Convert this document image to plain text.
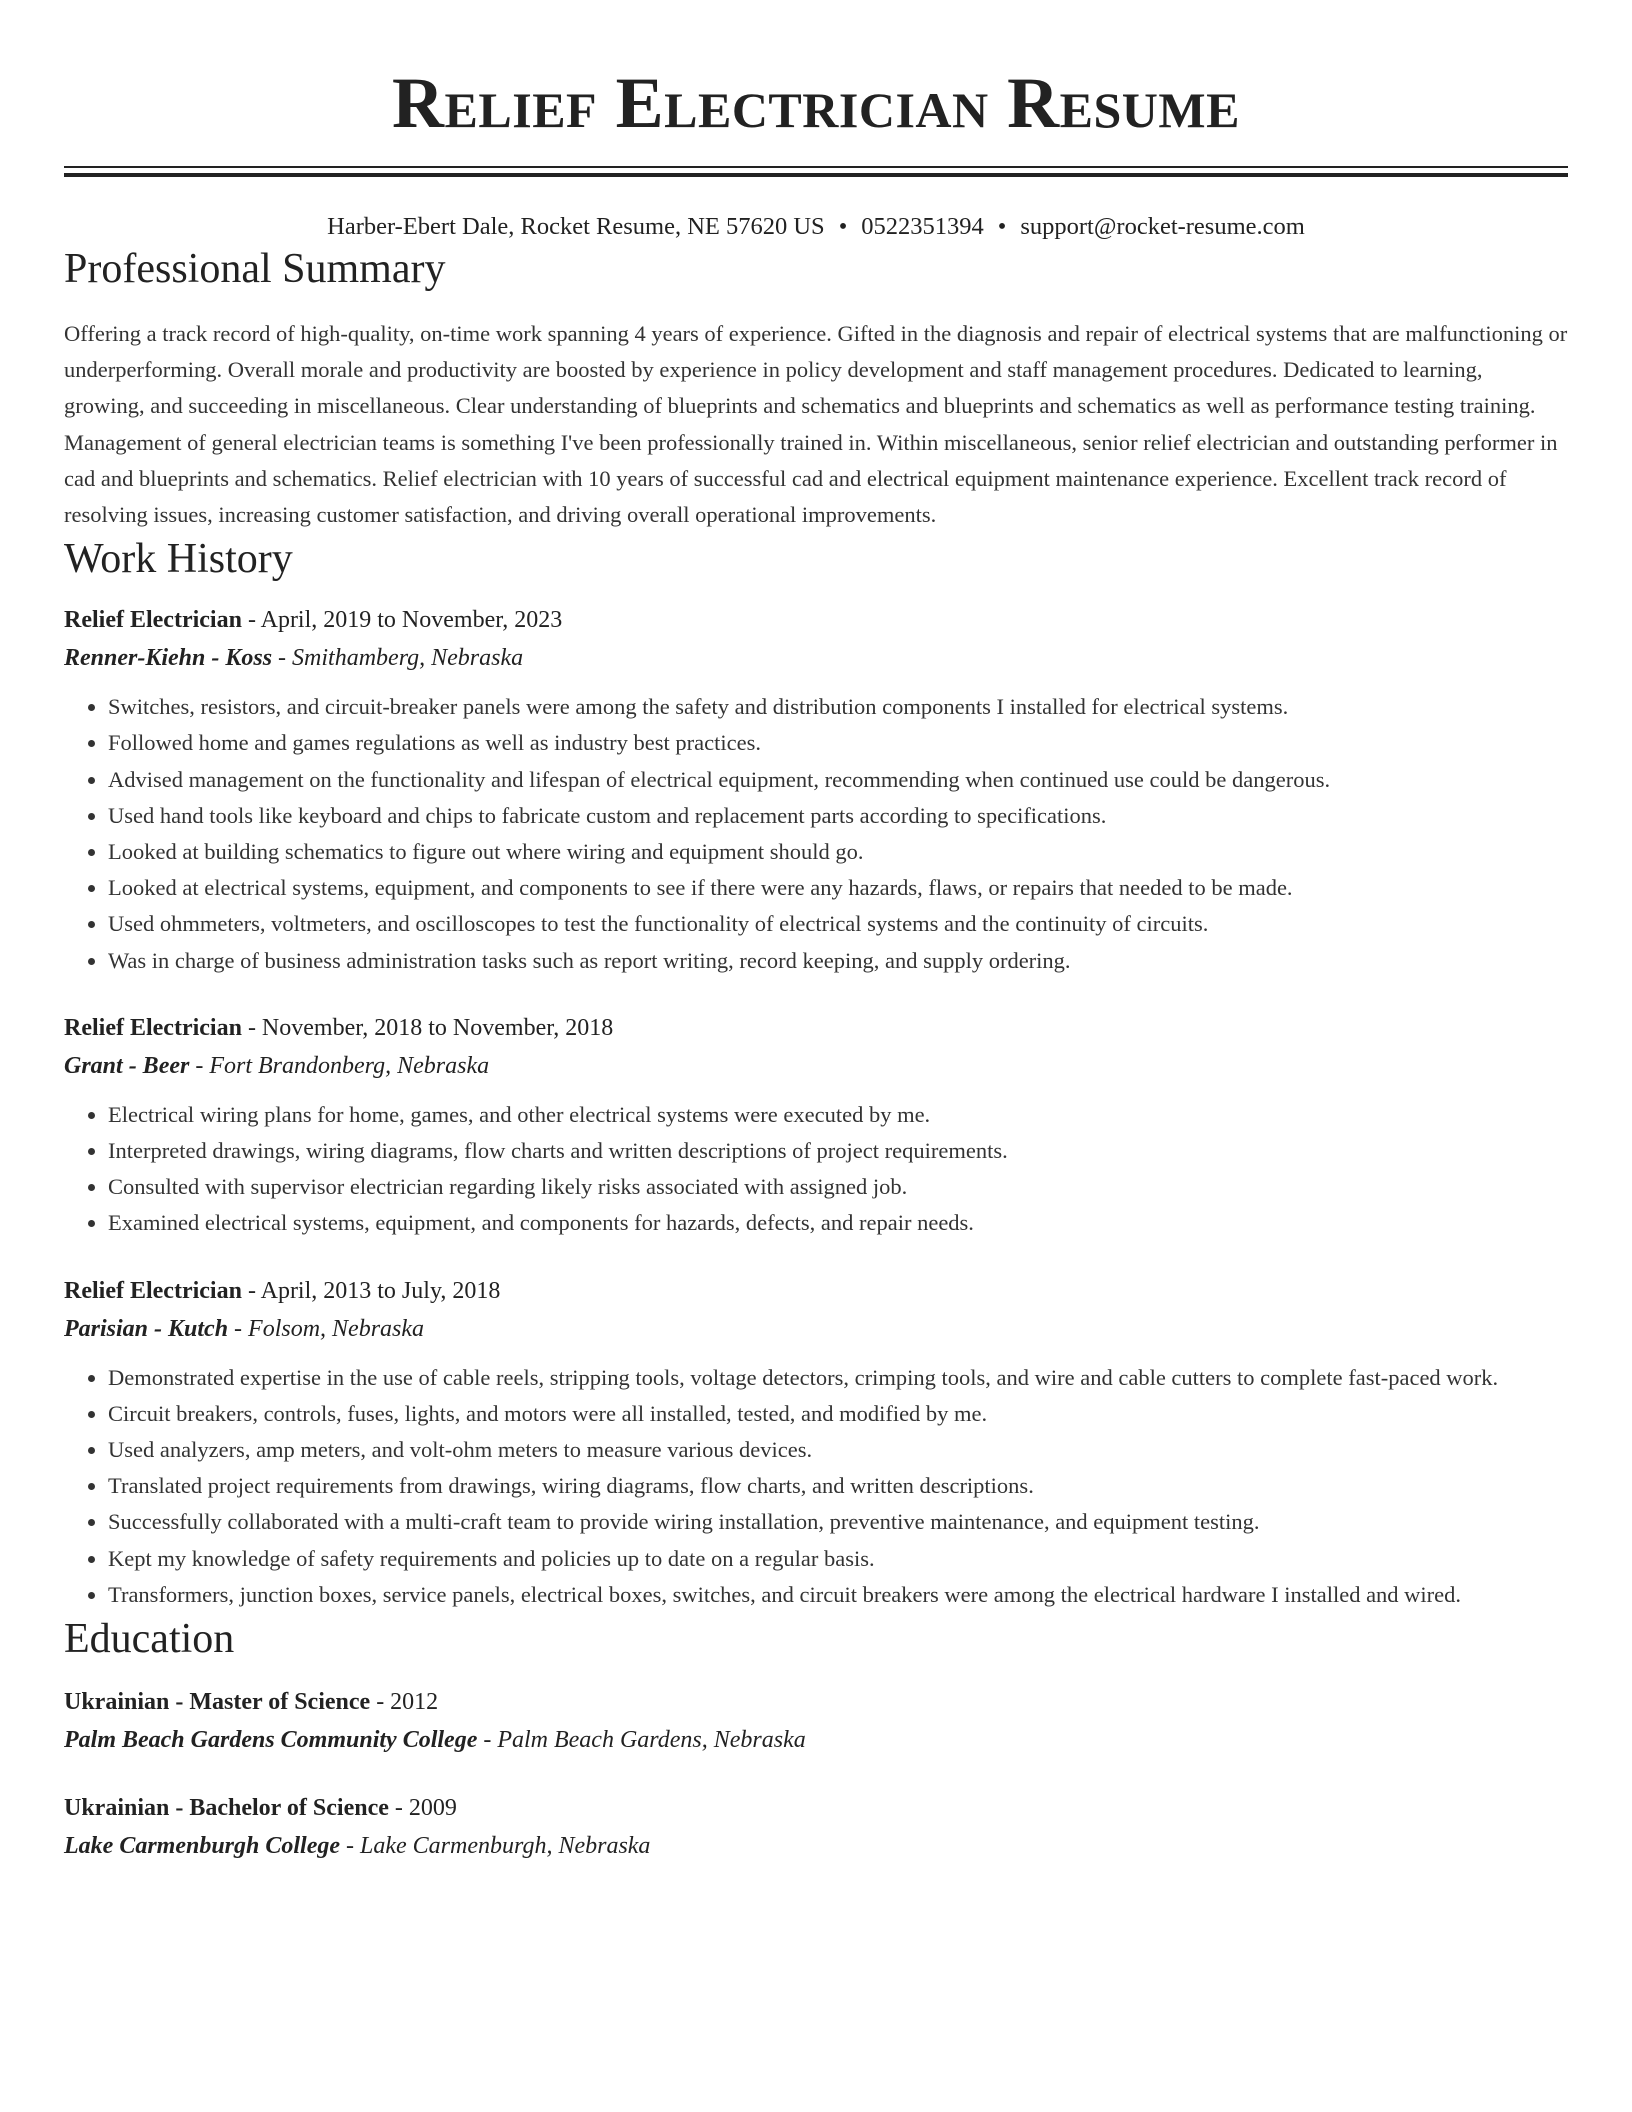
Relief Electrician Resume
Harber-Ebert Dale, Rocket Resume, NE 57620 US • 0522351394 • support@rocket-resume.com
Professional Summary

Offering a track record of high-quality, on-time work spanning 4 years of experience. Gifted in the diagnosis and repair of electrical systems that are malfunctioning or underperforming. Overall morale and productivity are boosted by experience in policy development and staff management procedures. Dedicated to learning, growing, and succeeding in miscellaneous. Clear understanding of blueprints and schematics and blueprints and schematics as well as performance testing training. Management of general electrician teams is something I've been professionally trained in. Within miscellaneous, senior relief electrician and outstanding performer in cad and blueprints and schematics. Relief electrician with 10 years of successful cad and electrical equipment maintenance experience. Excellent track record of resolving issues, increasing customer satisfaction, and driving overall operational improvements.

Work History
Relief Electrician - April, 2019 to November, 2023
Renner-Kiehn - Koss - Smithamberg, Nebraska
• Switches, resistors, and circuit-breaker panels were among the safety and distribution components I installed for electrical systems.
• Followed home and games regulations as well as industry best practices.
• Advised management on the functionality and lifespan of electrical equipment, recommending when continued use could be dangerous.
• Used hand tools like keyboard and chips to fabricate custom and replacement parts according to specifications.
• Looked at building schematics to figure out where wiring and equipment should go.
• Looked at electrical systems, equipment, and components to see if there were any hazards, flaws, or repairs that needed to be made.
• Used ohmmeters, voltmeters, and oscilloscopes to test the functionality of electrical systems and the continuity of circuits.
• Was in charge of business administration tasks such as report writing, record keeping, and supply ordering.
Relief Electrician - November, 2018 to November, 2018
Grant - Beer - Fort Brandonberg, Nebraska
• Electrical wiring plans for home, games, and other electrical systems were executed by me.
• Interpreted drawings, wiring diagrams, flow charts and written descriptions of project requirements.
• Consulted with supervisor electrician regarding likely risks associated with assigned job.
• Examined electrical systems, equipment, and components for hazards, defects, and repair needs.
Relief Electrician - April, 2013 to July, 2018
Parisian - Kutch - Folsom, Nebraska
• Demonstrated expertise in the use of cable reels, stripping tools, voltage detectors, crimping tools, and wire and cable cutters to complete fast-paced work.
• Circuit breakers, controls, fuses, lights, and motors were all installed, tested, and modified by me.
• Used analyzers, amp meters, and volt-ohm meters to measure various devices.
• Translated project requirements from drawings, wiring diagrams, flow charts, and written descriptions.
• Successfully collaborated with a multi-craft team to provide wiring installation, preventive maintenance, and equipment testing.
• Kept my knowledge of safety requirements and policies up to date on a regular basis.
• Transformers, junction boxes, service panels, electrical boxes, switches, and circuit breakers were among the electrical hardware I installed and wired.
Education
Ukrainian - Master of Science - 2012
Palm Beach Gardens Community College - Palm Beach Gardens, Nebraska
Ukrainian - Bachelor of Science - 2009
Lake Carmenburgh College - Lake Carmenburgh, Nebraska
